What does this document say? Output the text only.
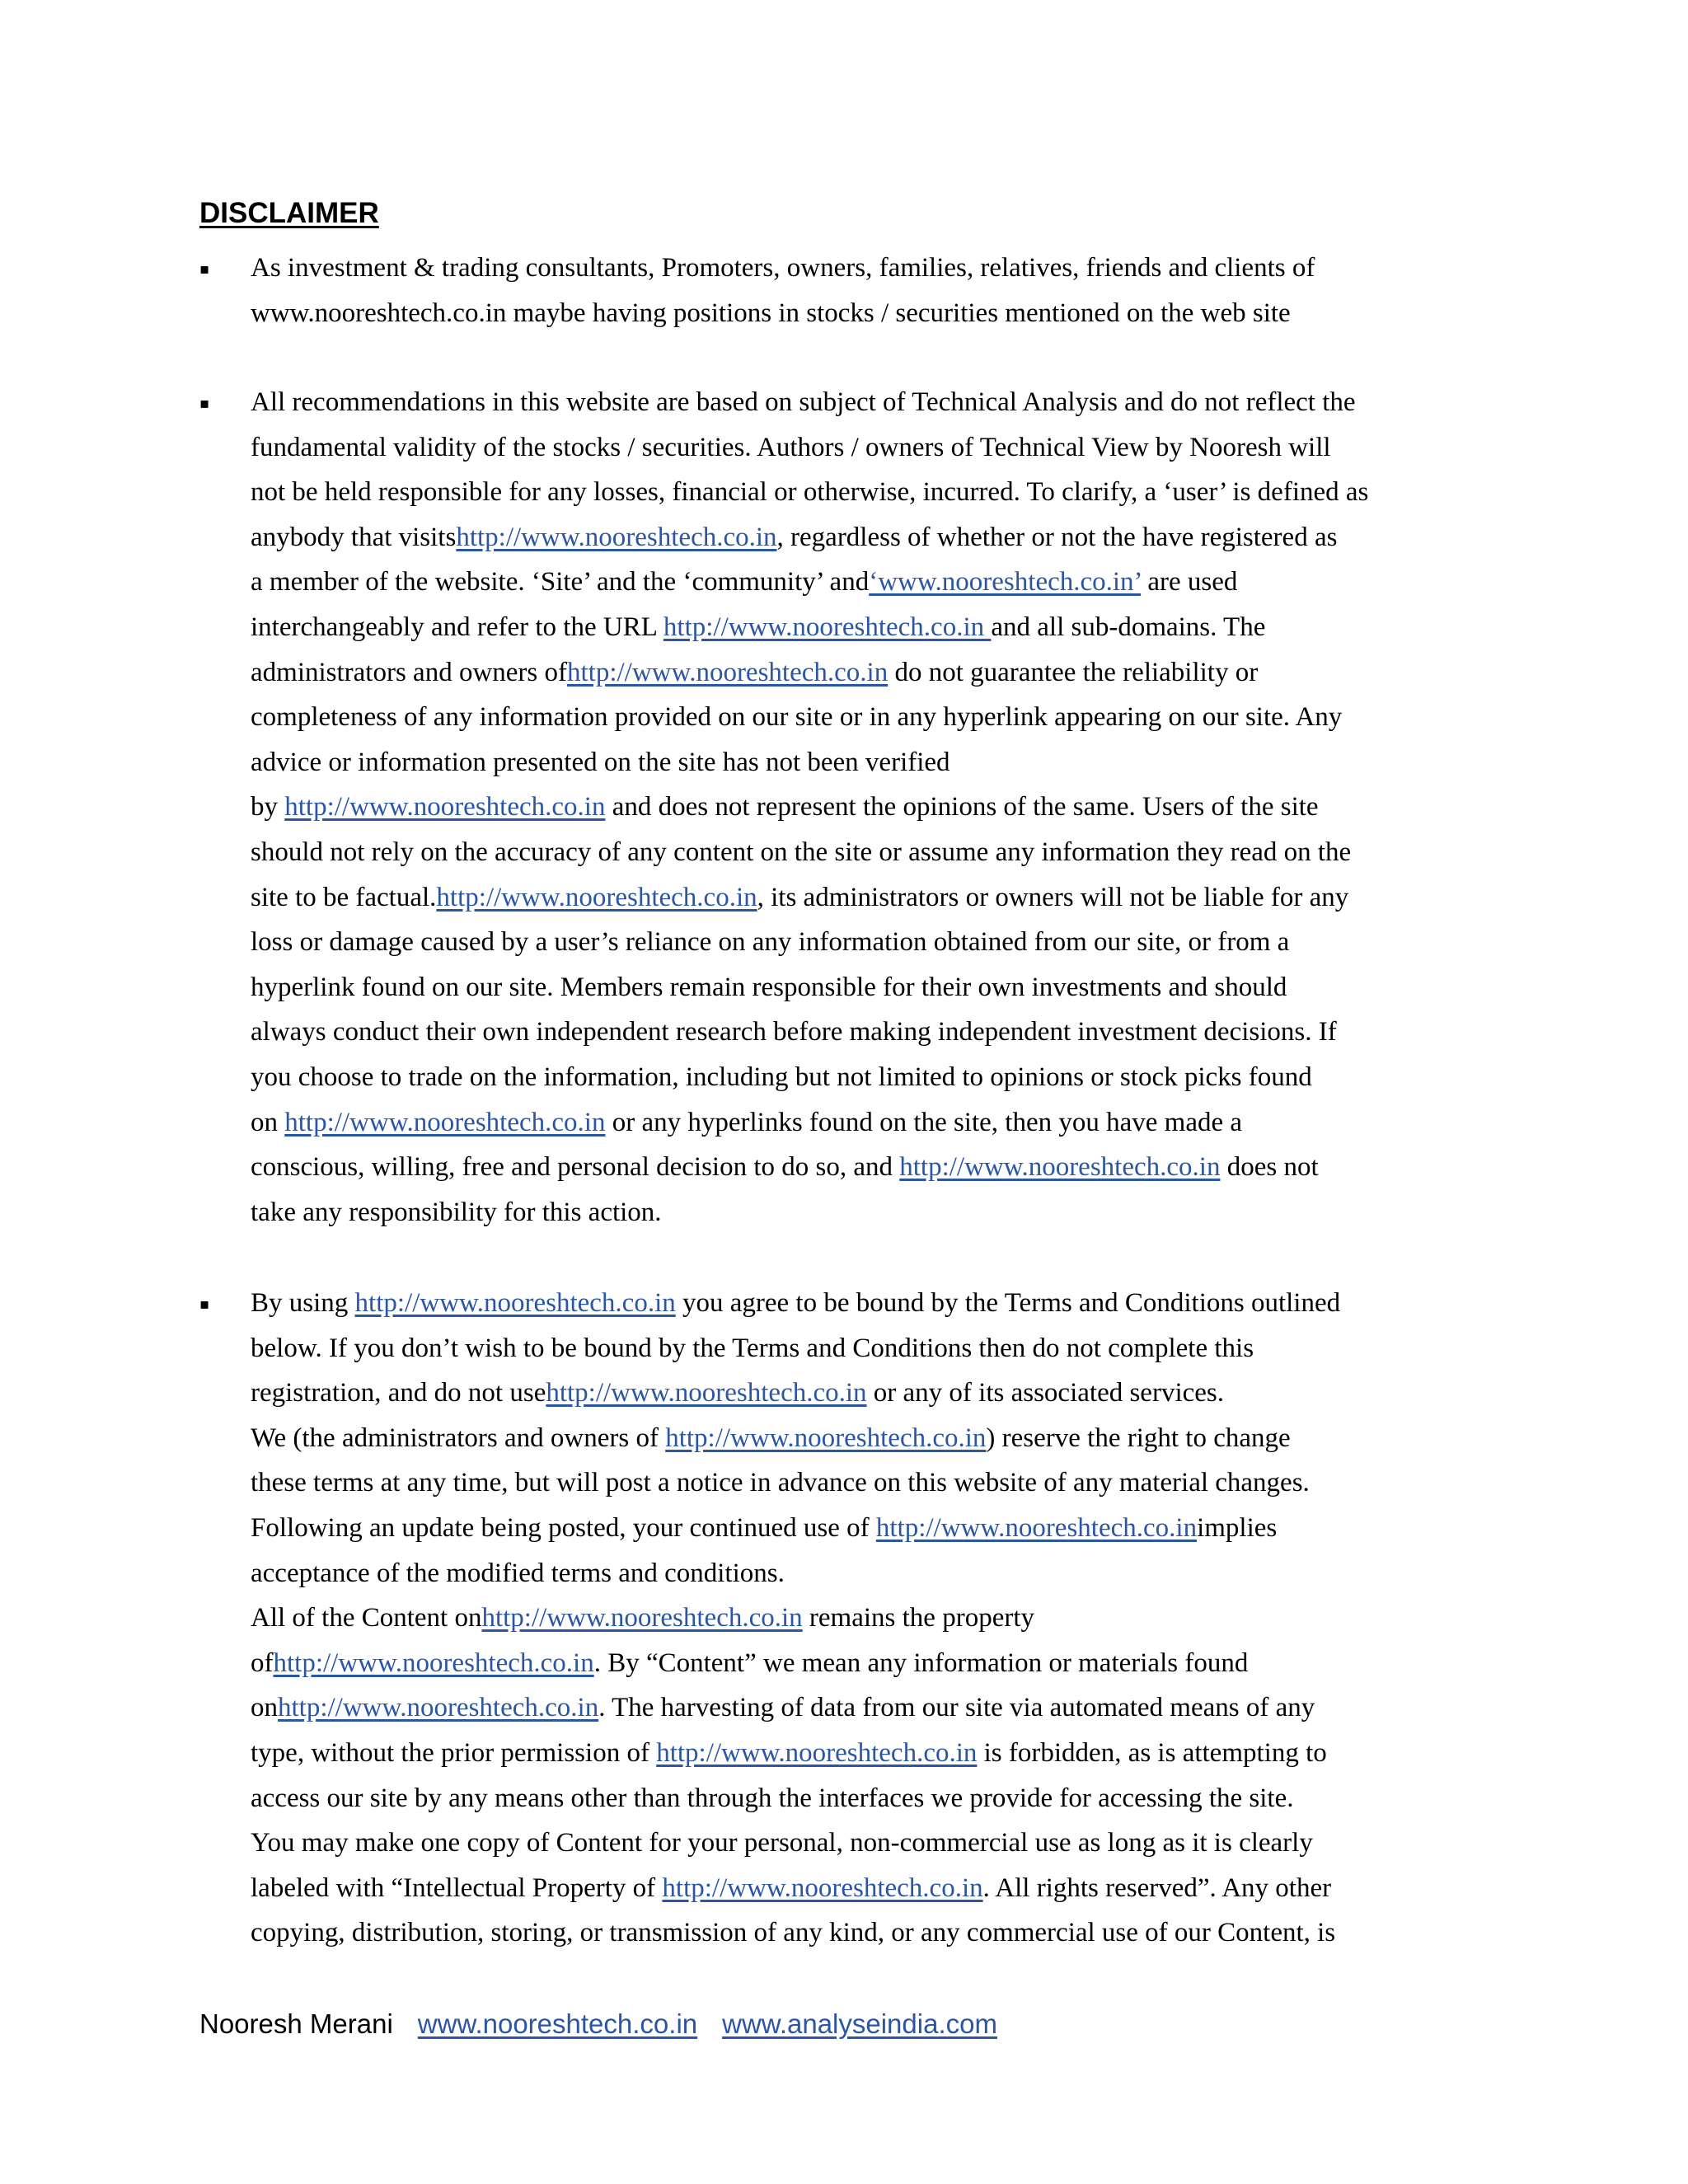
DISCLAIMER
▪ As investment & trading consultants, Promoters, owners, families, relatives, friends and clients of
www.nooreshtech.co.in maybe having positions in stocks / securities mentioned on the web site
▪ All recommendations in this website are based on subject of Technical Analysis and do not reflect the
fundamental validity of the stocks / securities. Authors / owners of Technical View by Nooresh will
not be held responsible for any losses, financial or otherwise, incurred. To clarify, a ‘user’ is defined as
anybody that visitshttp://www.nooreshtech.co.in, regardless of whether or not the have registered as
a member of the website. ‘Site’ and the ‘community’ and‘www.nooreshtech.co.in’ are used
interchangeably and refer to the URL http://www.nooreshtech.co.in and all sub-domains. The
administrators and owners ofhttp://www.nooreshtech.co.in do not guarantee the reliability or
completeness of any information provided on our site or in any hyperlink appearing on our site. Any
advice or information presented on the site has not been verified
by http://www.nooreshtech.co.in and does not represent the opinions of the same. Users of the site
should not rely on the accuracy of any content on the site or assume any information they read on the
site to be factual.http://www.nooreshtech.co.in, its administrators or owners will not be liable for any
loss or damage caused by a user’s reliance on any information obtained from our site, or from a
hyperlink found on our site. Members remain responsible for their own investments and should
always conduct their own independent research before making independent investment decisions. If
you choose to trade on the information, including but not limited to opinions or stock picks found
on http://www.nooreshtech.co.in or any hyperlinks found on the site, then you have made a
conscious, willing, free and personal decision to do so, and http://www.nooreshtech.co.in does not
take any responsibility for this action.
▪ By using http://www.nooreshtech.co.in you agree to be bound by the Terms and Conditions outlined
below. If you don’t wish to be bound by the Terms and Conditions then do not complete this
registration, and do not usehttp://www.nooreshtech.co.in or any of its associated services.
We (the administrators and owners of http://www.nooreshtech.co.in) reserve the right to change
these terms at any time, but will post a notice in advance on this website of any material changes.
Following an update being posted, your continued use of http://www.nooreshtech.co.inimplies
acceptance of the modified terms and conditions.
All of the Content onhttp://www.nooreshtech.co.in remains the property
ofhttp://www.nooreshtech.co.in. By “Content” we mean any information or materials found
onhttp://www.nooreshtech.co.in. The harvesting of data from our site via automated means of any
type, without the prior permission of http://www.nooreshtech.co.in is forbidden, as is attempting to
access our site by any means other than through the interfaces we provide for accessing the site.
You may make one copy of Content for your personal, non-commercial use as long as it is clearly
labeled with “Intellectual Property of http://www.nooreshtech.co.in. All rights reserved”. Any other
copying, distribution, storing, or transmission of any kind, or any commercial use of our Content, is
Nooresh Merani www.nooreshtech.co.in www.analyseindia.com
